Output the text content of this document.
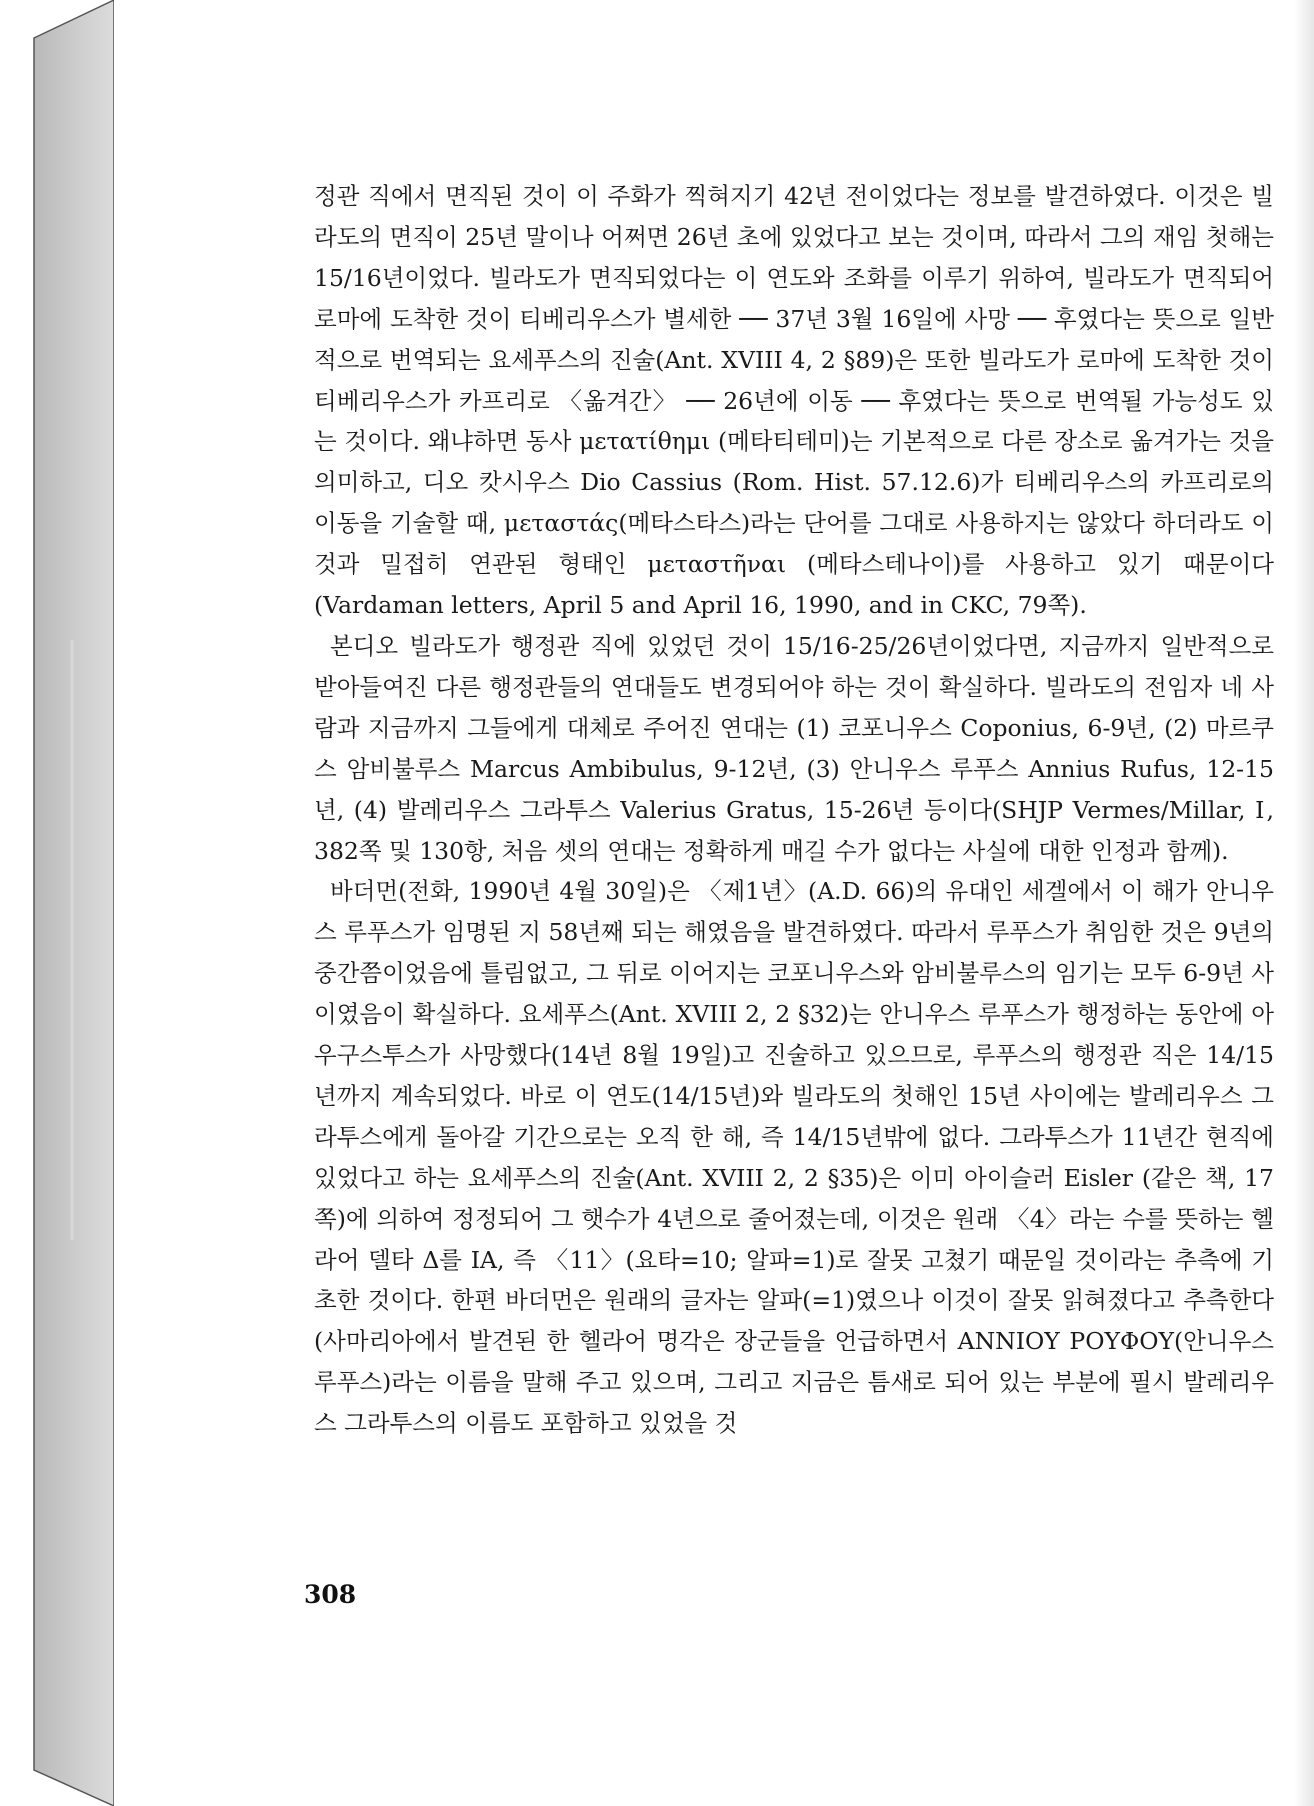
정관 직에서 면직된 것이 이 주화가 찍혀지기 42년 전이었다는 정보를 발견하였다. 이것은 빌라도의 면직이 25년 말이나 어쩌면 26년 초에 있었다고 보는 것이며, 따라서 그의 재임 첫해는 15/16년이었다. 빌라도가 면직되었다는 이 연도와 조화를 이루기 위하여, 빌라도가 면직되어 로마에 도착한 것이 티베리우스가 별세한 ── 37년 3월 16일에 사망 ── 후였다는 뜻으로 일반적으로 번역되는 요세푸스의 진술(Ant. XVIII 4, 2 §89)은 또한 빌라도가 로마에 도착한 것이 티베리우스가 카프리로 〈옮겨간〉 ── 26년에 이동 ── 후였다는 뜻으로 번역될 가능성도 있는 것이다. 왜냐하면 동사 μετατίθημι (메타티테미)는 기본적으로 다른 장소로 옮겨가는 것을 의미하고, 디오 캇시우스 Dio Cassius (Rom. Hist. 57.12.6)가 티베리우스의 카프리로의 이동을 기술할 때, μεταστάς(메타스타스)라는 단어를 그대로 사용하지는 않았다 하더라도 이것과 밀접히 연관된 형태인 μεταστῆναι (메타스테나이)를 사용하고 있기 때문이다 (Vardaman letters, April 5 and April 16, 1990, and in CKC, 79쪽).

본디오 빌라도가 행정관 직에 있었던 것이 15/16-25/26년이었다면, 지금까지 일반적으로 받아들여진 다른 행정관들의 연대들도 변경되어야 하는 것이 확실하다. 빌라도의 전임자 네 사람과 지금까지 그들에게 대체로 주어진 연대는 (1) 코포니우스 Coponius, 6-9년, (2) 마르쿠스 암비불루스 Marcus Ambibulus, 9-12년, (3) 안니우스 루푸스 Annius Rufus, 12-15년, (4) 발레리우스 그라투스 Valerius Gratus, 15-26년 등이다(SHJP Vermes/Millar, Ⅰ, 382쪽 및 130항, 처음 셋의 연대는 정확하게 매길 수가 없다는 사실에 대한 인정과 함께).

바더먼(전화, 1990년 4월 30일)은 〈제1년〉(A.D. 66)의 유대인 세겔에서 이 해가 안니우스 루푸스가 임명된 지 58년째 되는 해였음을 발견하였다. 따라서 루푸스가 취임한 것은 9년의 중간쯤이었음에 틀림없고, 그 뒤로 이어지는 코포니우스와 암비불루스의 임기는 모두 6-9년 사이였음이 확실하다. 요세푸스(Ant. XVIII 2, 2 §32)는 안니우스 루푸스가 행정하는 동안에 아우구스투스가 사망했다(14년 8월 19일)고 진술하고 있으므로, 루푸스의 행정관 직은 14/15년까지 계속되었다. 바로 이 연도(14/15년)와 빌라도의 첫해인 15년 사이에는 발레리우스 그라투스에게 돌아갈 기간으로는 오직 한 해, 즉 14/15년밖에 없다. 그라투스가 11년간 현직에 있었다고 하는 요세푸스의 진술(Ant. XVIII 2, 2 §35)은 이미 아이슬러 Eisler (같은 책, 17쪽)에 의하여 정정되어 그 햇수가 4년으로 줄어졌는데, 이것은 원래 〈4〉라는 수를 뜻하는 헬라어 델타 Δ를 IA, 즉 〈11〉(요타=10; 알파=1)로 잘못 고쳤기 때문일 것이라는 추측에 기초한 것이다. 한편 바더먼은 원래의 글자는 알파(=1)였으나 이것이 잘못 읽혀졌다고 추측한다(사마리아에서 발견된 한 헬라어 명각은 장군들을 언급하면서 ANNIOY POYΦOY(안니우스 루푸스)라는 이름을 말해 주고 있으며, 그리고 지금은 틈새로 되어 있는 부분에 필시 발레리우스 그라투스의 이름도 포함하고 있었을 것

308
